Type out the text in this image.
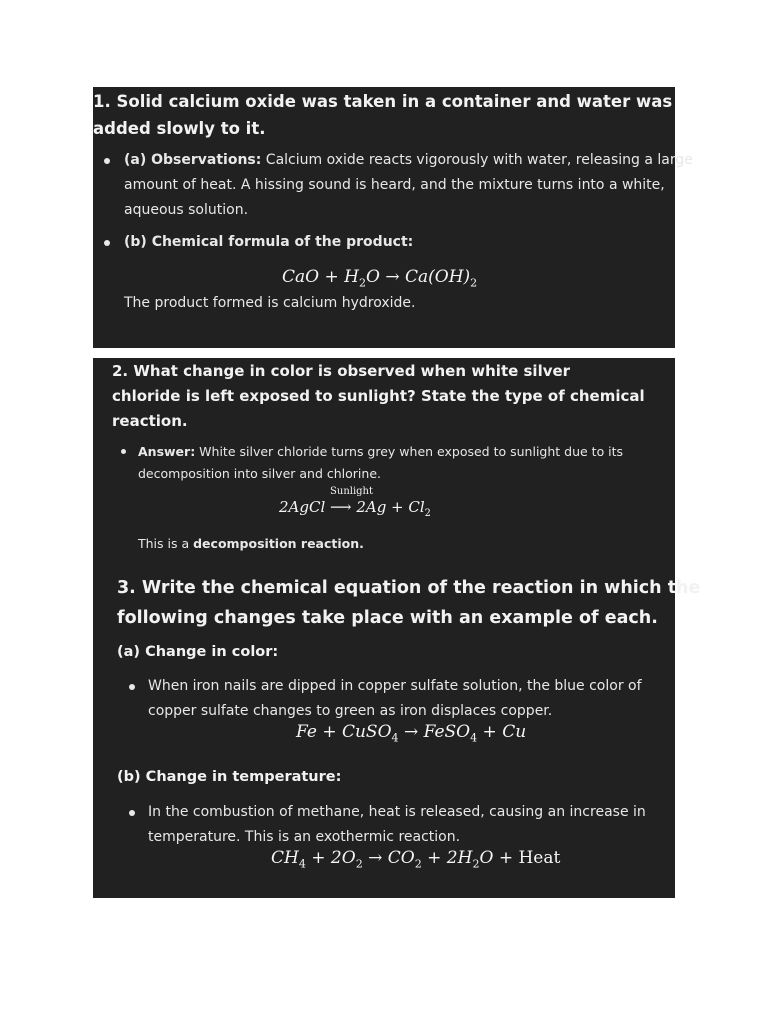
1. Solid calcium oxide was taken in a container and water was
added slowly to it.
(a) Observations: Calcium oxide reacts vigorously with water, releasing a large
amount of heat. A hissing sound is heard, and the mixture turns into a white,
aqueous solution.
(b) Chemical formula of the product:
CaO + $H_2O \to Ca(OH)_2$
The product formed is calcium hydroxide.
2. What change in color is observed when white silver
chloride is left exposed to sunlight? State the type of chemical
reaction.
Answer: White silver chloride turns grey when exposed to sunlight due to its
decomposition into silver and chlorine.
2AgCl
Sunlight
⟶ $2Ag + Cl_2$
This is a decomposition reaction.
3. Write the chemical equation of the reaction in which the
following changes take place with an example of each.
(a) Change in color:
When iron nails are dipped in copper sulfate solution, the blue color of
copper sulfate changes to green as iron displaces copper.
Fe + CuSO$_4$ → FeSO$_4$ + Cu
(b) Change in temperature:
In the combustion of methane, heat is released, causing an increase in
temperature. This is an exothermic reaction.
$CH_4 + 2O_2 \to CO_2 + 2H_2O$ + Heat
